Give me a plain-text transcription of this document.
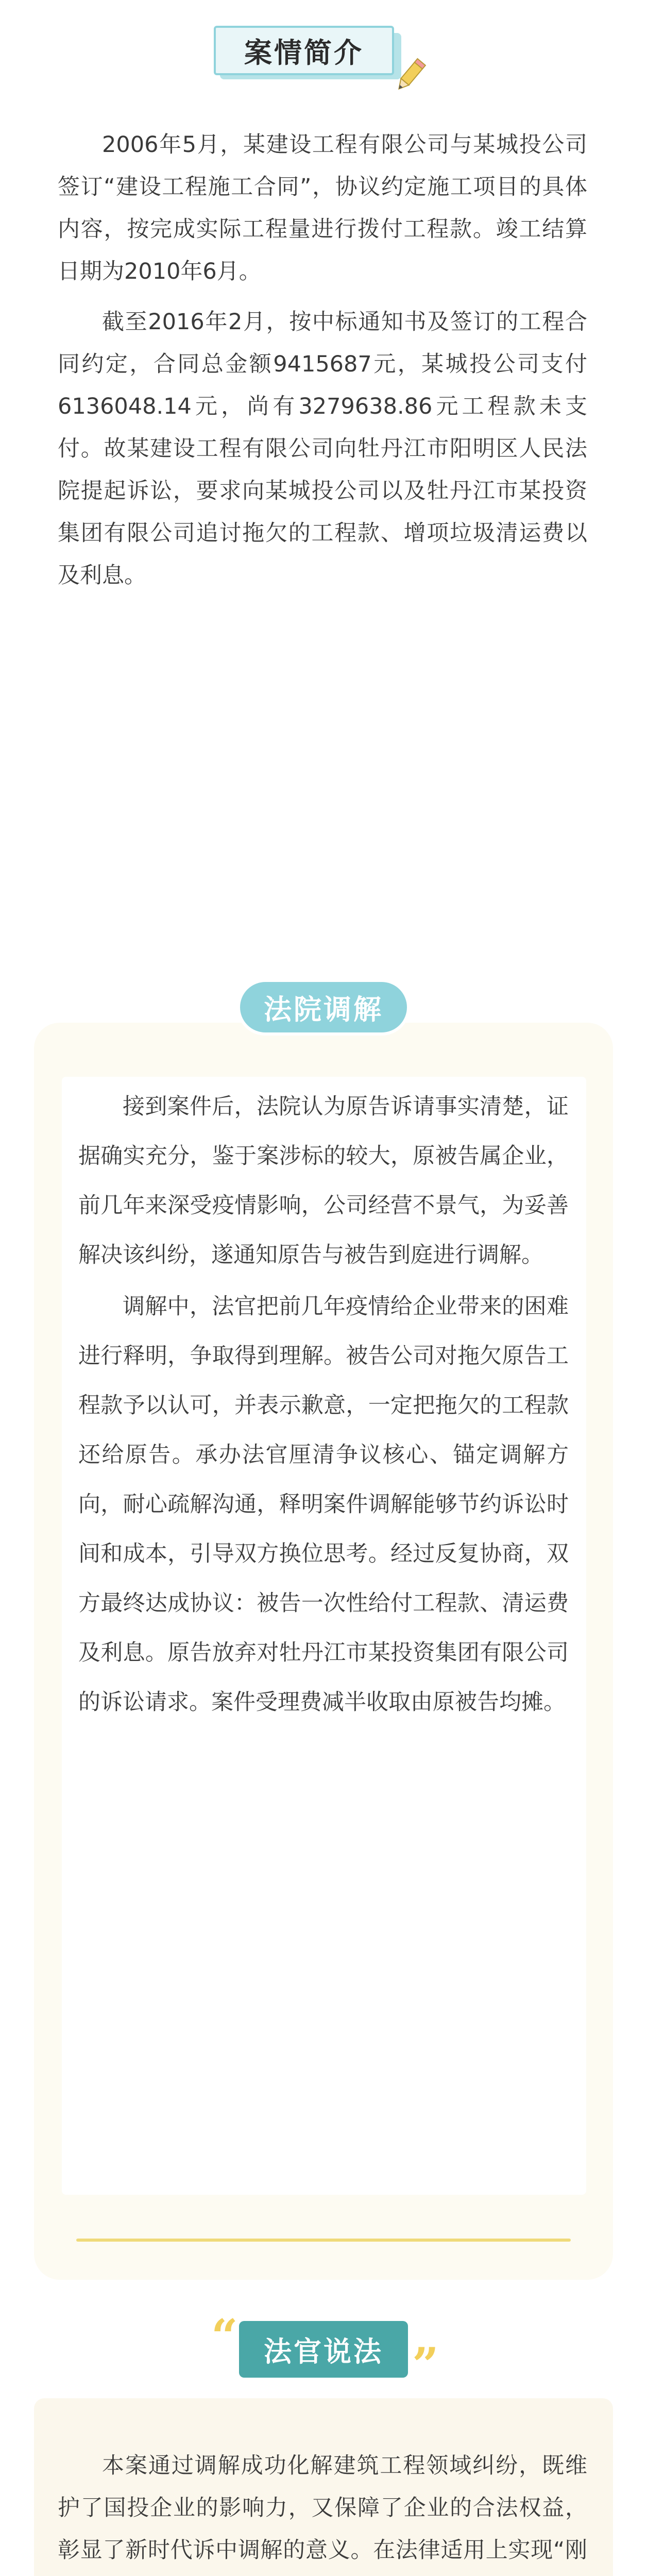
案情简介

2006年5月，某建设工程有限公司与某城投公司签订“建设工程施工合同”，协议约定施工项目的具体内容，按完成实际工程量进行拨付工程款。竣工结算日期为2010年6月。

截至2016年2月，按中标通知书及签订的工程合同约定，合同总金额9415687元，某城投公司支付6136048.14元，尚有3279638.86元工程款未支付。故某建设工程有限公司向牡丹江市阳明区人民法院提起诉讼，要求向某城投公司以及牡丹江市某投资集团有限公司追讨拖欠的工程款、增项垃圾清运费以及利息。

法院调解

接到案件后，法院认为原告诉请事实清楚，证据确实充分，鉴于案涉标的较大，原被告属企业，前几年来深受疫情影响，公司经营不景气，为妥善解决该纠纷，遂通知原告与被告到庭进行调解。

调解中，法官把前几年疫情给企业带来的困难进行释明，争取得到理解。被告公司对拖欠原告工程款予以认可，并表示歉意，一定把拖欠的工程款还给原告。承办法官厘清争议核心、锚定调解方向，耐心疏解沟通，释明案件调解能够节约诉讼时间和成本，引导双方换位思考。经过反复协商，双方最终达成协议：被告一次性给付工程款、清运费及利息。原告放弃对牡丹江市某投资集团有限公司的诉讼请求。案件受理费减半收取由原被告均摊。

“ 法官说法 ”

本案通过调解成功化解建筑工程领域纠纷，既维护了国投企业的影响力，又保障了企业的合法权益，彰显了新时代诉中调解的意义。在法律适用上实现“刚
